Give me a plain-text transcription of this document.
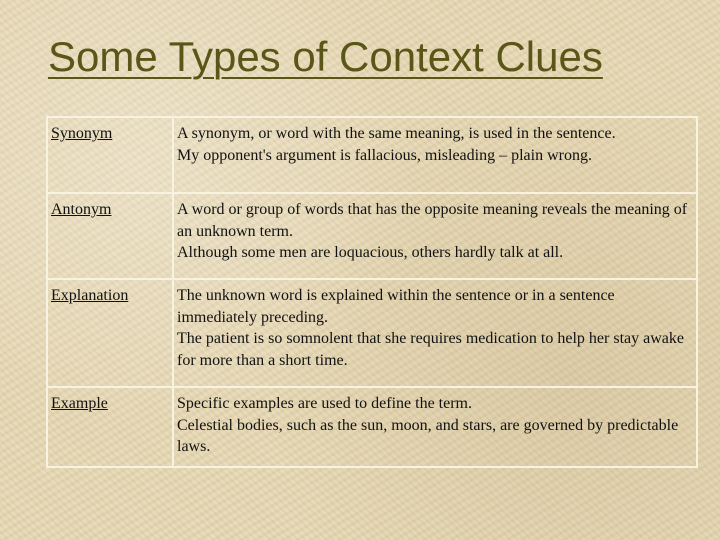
Some Types of Context Clues
Synonym	A synonym, or word with the same meaning, is used in the sentence.
My opponent's argument is fallacious, misleading – plain wrong.

Antonym	A word or group of words that has the opposite meaning reveals the meaning of an unknown term.
Although some men are loquacious, others hardly talk at all.

Explanation	The unknown word is explained within the sentence or in a sentence immediately preceding.
The patient is so somnolent that she requires medication to help her stay awake for more than a short time.

Example	Specific examples are used to define the term.
Celestial bodies, such as the sun, moon, and stars, are governed by predictable laws.
